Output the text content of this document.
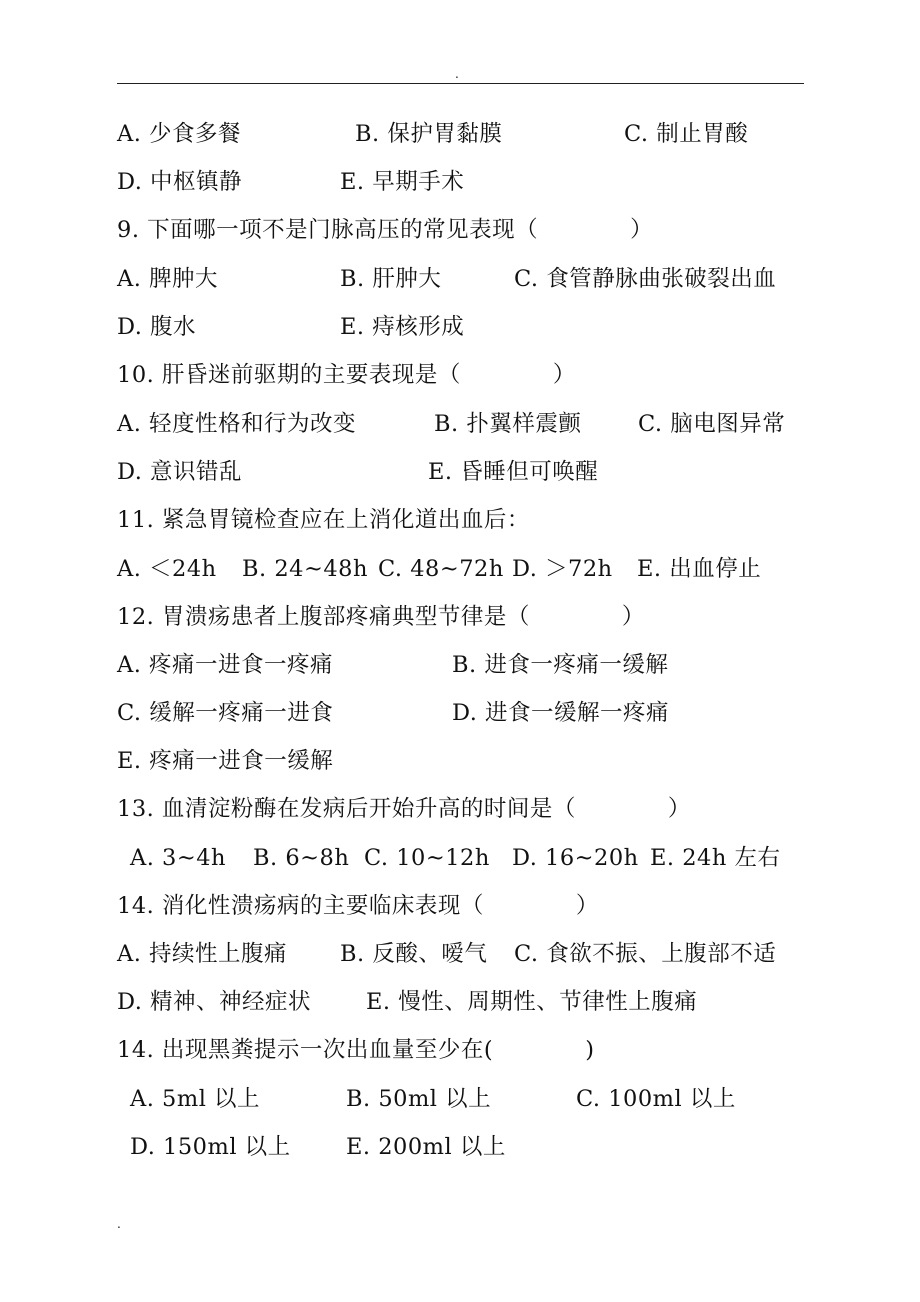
.
A. 少食多餐	B. 保护胃黏膜	C. 制止胃酸
D. 中枢镇静	E. 早期手术
9. 下面哪一项不是门脉高压的常见表现（　　　　）
A. 脾肿大	B. 肝肿大	C. 食管静脉曲张破裂出血
D. 腹水	E. 痔核形成
10. 肝昏迷前驱期的主要表现是（　　　　）
A. 轻度性格和行为改变	B. 扑翼样震颤	C. 脑电图异常
D. 意识错乱	E. 昏睡但可唤醒
11. 紧急胃镜检查应在上消化道出血后：
A. ＜24h B. 24~48h C. 48~72h D. ＞72h E. 出血停止
12. 胃溃疡患者上腹部疼痛典型节律是（　　　　）
A. 疼痛一进食一疼痛	B. 进食一疼痛一缓解
C. 缓解一疼痛一进食	D. 进食一缓解一疼痛
E. 疼痛一进食一缓解
13. 血清淀粉酶在发病后开始升高的时间是（　　　　）
A. 3~4h B. 6~8h C. 10~12h D. 16~20h E. 24h 左右
14. 消化性溃疡病的主要临床表现（　　　　）
A. 持续性上腹痛 B. 反酸、嗳气 C. 食欲不振、上腹部不适
D. 精神、神经症状 E. 慢性、周期性、节律性上腹痛
14. 出现黑粪提示一次出血量至少在(　　　　)
A. 5ml 以上	B. 50ml 以上	C. 100ml 以上
D. 150ml 以上 E. 200ml 以上
.
